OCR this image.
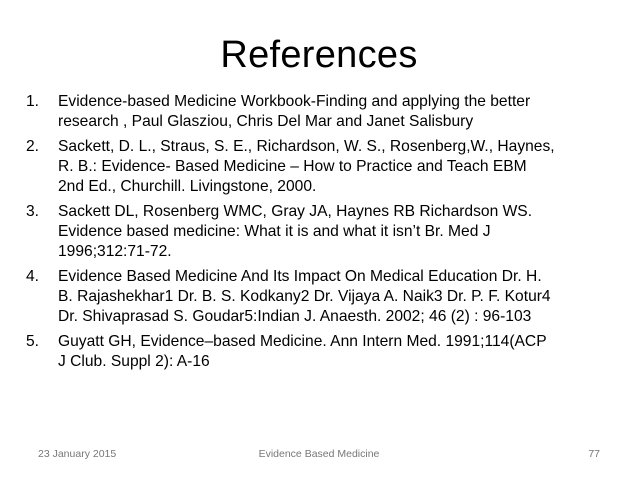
References
1. Evidence-based Medicine Workbook-Finding and applying the better
research , Paul Glasziou, Chris Del Mar and Janet Salisbury
2. Sackett, D. L., Straus, S. E., Richardson, W. S., Rosenberg,W., Haynes,
R. B.: Evidence- Based Medicine – How to Practice and Teach EBM
2nd Ed., Churchill. Livingstone, 2000.
3. Sackett DL, Rosenberg WMC, Gray JA, Haynes RB Richardson WS.
Evidence based medicine: What it is and what it isn’t Br. Med J
1996;312:71-72.
4. Evidence Based Medicine And Its Impact On Medical Education Dr. H.
B. Rajashekhar1 Dr. B. S. Kodkany2 Dr. Vijaya A. Naik3 Dr. P. F. Kotur4
Dr. Shivaprasad S. Goudar5:Indian J. Anaesth. 2002; 46 (2) : 96-103
5. Guyatt GH, Evidence–based Medicine. Ann Intern Med. 1991;114(ACP
J Club. Suppl 2): A-16
23 January 2015	Evidence Based Medicine	77
